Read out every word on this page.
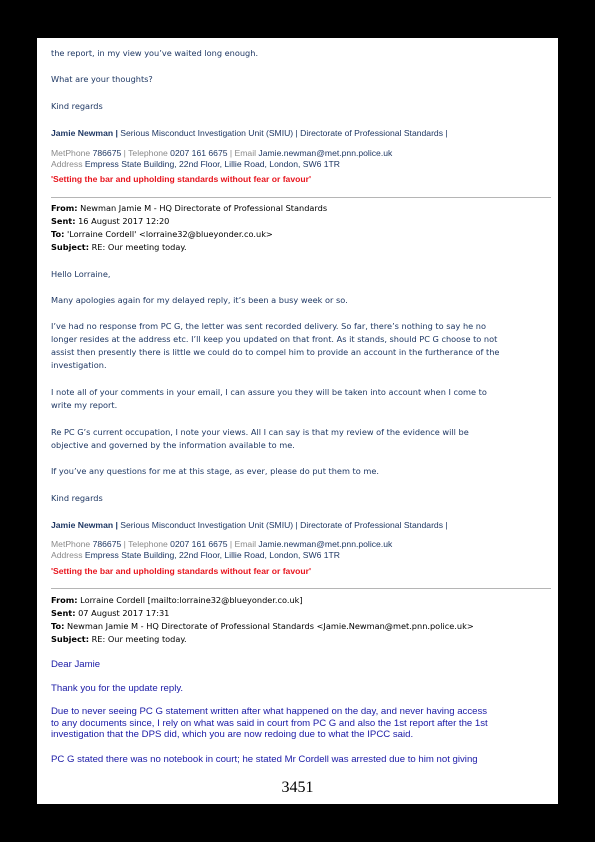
the report, in my view you’ve waited long enough.
What are your thoughts?
Kind regards
Jamie Newman | Serious Misconduct Investigation Unit (SMIU) | Directorate of Professional Standards |
MetPhone 786675 | Telephone 0207 161 6675 | Email Jamie.newman@met.pnn.police.uk
Address Empress State Building, 22nd Floor, Lillie Road, London, SW6 1TR
'Setting the bar and upholding standards without fear or favour'
From: Newman Jamie M - HQ Directorate of Professional Standards
Sent: 16 August 2017 12:20
To: 'Lorraine Cordell' <lorraine32@blueyonder.co.uk>
Subject: RE: Our meeting today.
Hello Lorraine,
Many apologies again for my delayed reply, it’s been a busy week or so.
I’ve had no response from PC G, the letter was sent recorded delivery. So far, there’s nothing to say he no
longer resides at the address etc. I’ll keep you updated on that front. As it stands, should PC G choose to not
assist then presently there is little we could do to compel him to provide an account in the furtherance of the
investigation.
I note all of your comments in your email, I can assure you they will be taken into account when I come to
write my report.
Re PC G’s current occupation, I note your views. All I can say is that my review of the evidence will be
objective and governed by the information available to me.
If you’ve any questions for me at this stage, as ever, please do put them to me.
Kind regards
Jamie Newman | Serious Misconduct Investigation Unit (SMIU) | Directorate of Professional Standards |
MetPhone 786675 | Telephone 0207 161 6675 | Email Jamie.newman@met.pnn.police.uk
Address Empress State Building, 22nd Floor, Lillie Road, London, SW6 1TR
'Setting the bar and upholding standards without fear or favour'
From: Lorraine Cordell [mailto:lorraine32@blueyonder.co.uk]
Sent: 07 August 2017 17:31
To: Newman Jamie M - HQ Directorate of Professional Standards <Jamie.Newman@met.pnn.police.uk>
Subject: RE: Our meeting today.
Dear Jamie
Thank you for the update reply.
Due to never seeing PC G statement written after what happened on the day, and never having access
to any documents since, I rely on what was said in court from PC G and also the 1st report after the 1st
investigation that the DPS did, which you are now redoing due to what the IPCC said.
PC G stated there was no notebook in court; he stated Mr Cordell was arrested due to him not giving
3451
